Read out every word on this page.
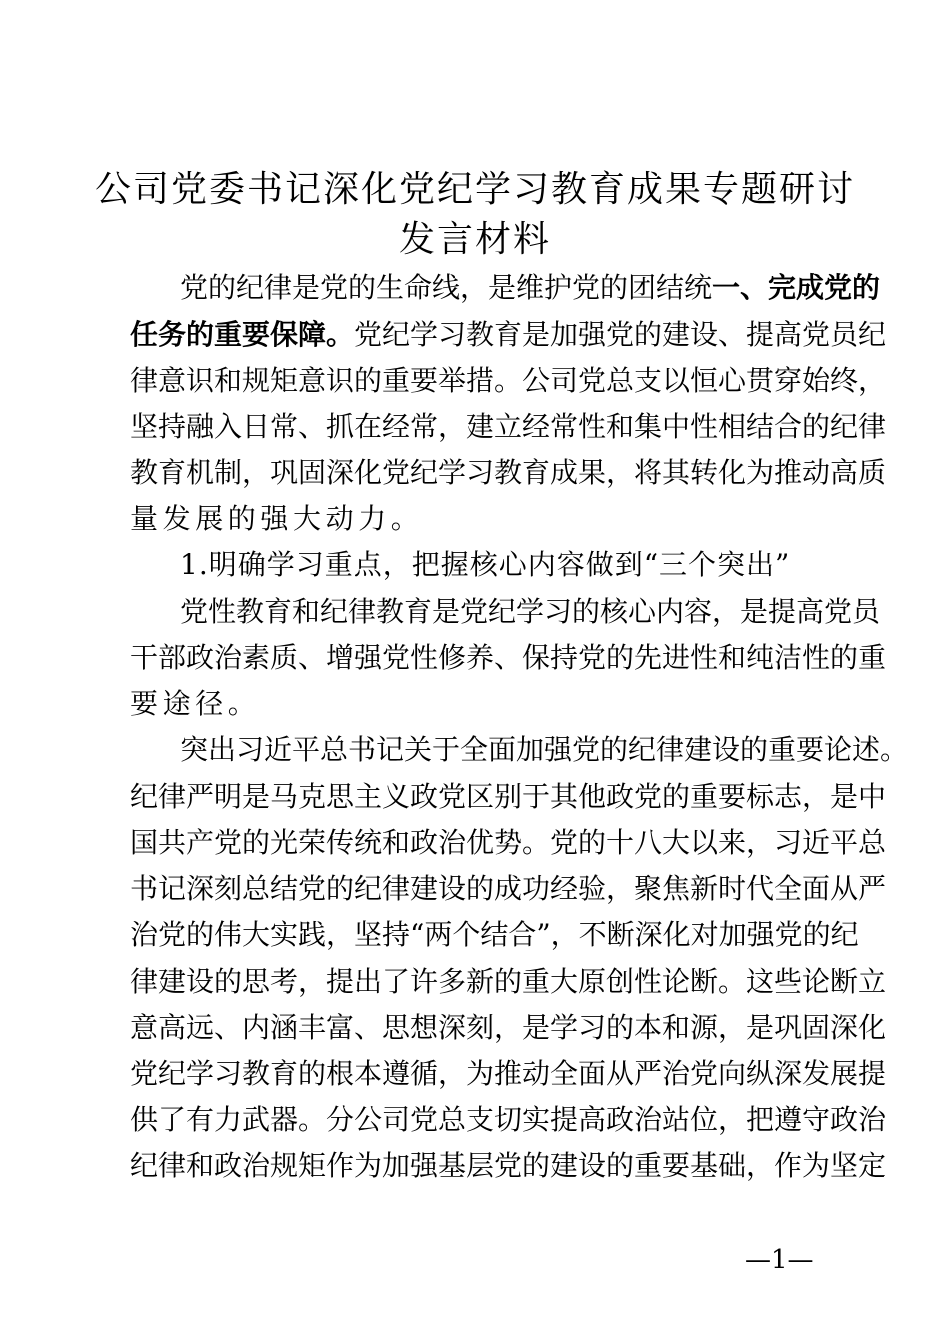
公司党委书记深化党纪学习教育成果专题研讨
发言材料
党的纪律是党的生命线，是维护党的团结统一、完成党的
任务的重要保障。党纪学习教育是加强党的建设、提高党员纪
律意识和规矩意识的重要举措。公司党总支以恒心贯穿始终，
坚持融入日常、抓在经常，建立经常性和集中性相结合的纪律
教育机制，巩固深化党纪学习教育成果，将其转化为推动高质
量发展的强大动力。
1.明确学习重点，把握核心内容做到“三个突出”
党性教育和纪律教育是党纪学习的核心内容，是提高党员
干部政治素质、增强党性修养、保持党的先进性和纯洁性的重
要途径。
突出习近平总书记关于全面加强党的纪律建设的重要论述。
纪律严明是马克思主义政党区别于其他政党的重要标志，是中
国共产党的光荣传统和政治优势。党的十八大以来，习近平总
书记深刻总结党的纪律建设的成功经验，聚焦新时代全面从严
治党的伟大实践，坚持“两个结合”，不断深化对加强党的纪
律建设的思考，提出了许多新的重大原创性论断。这些论断立
意高远、内涵丰富、思想深刻，是学习的本和源，是巩固深化
党纪学习教育的根本遵循，为推动全面从严治党向纵深发展提
供了有力武器。分公司党总支切实提高政治站位，把遵守政治
纪律和政治规矩作为加强基层党的建设的重要基础，作为坚定
—1—
